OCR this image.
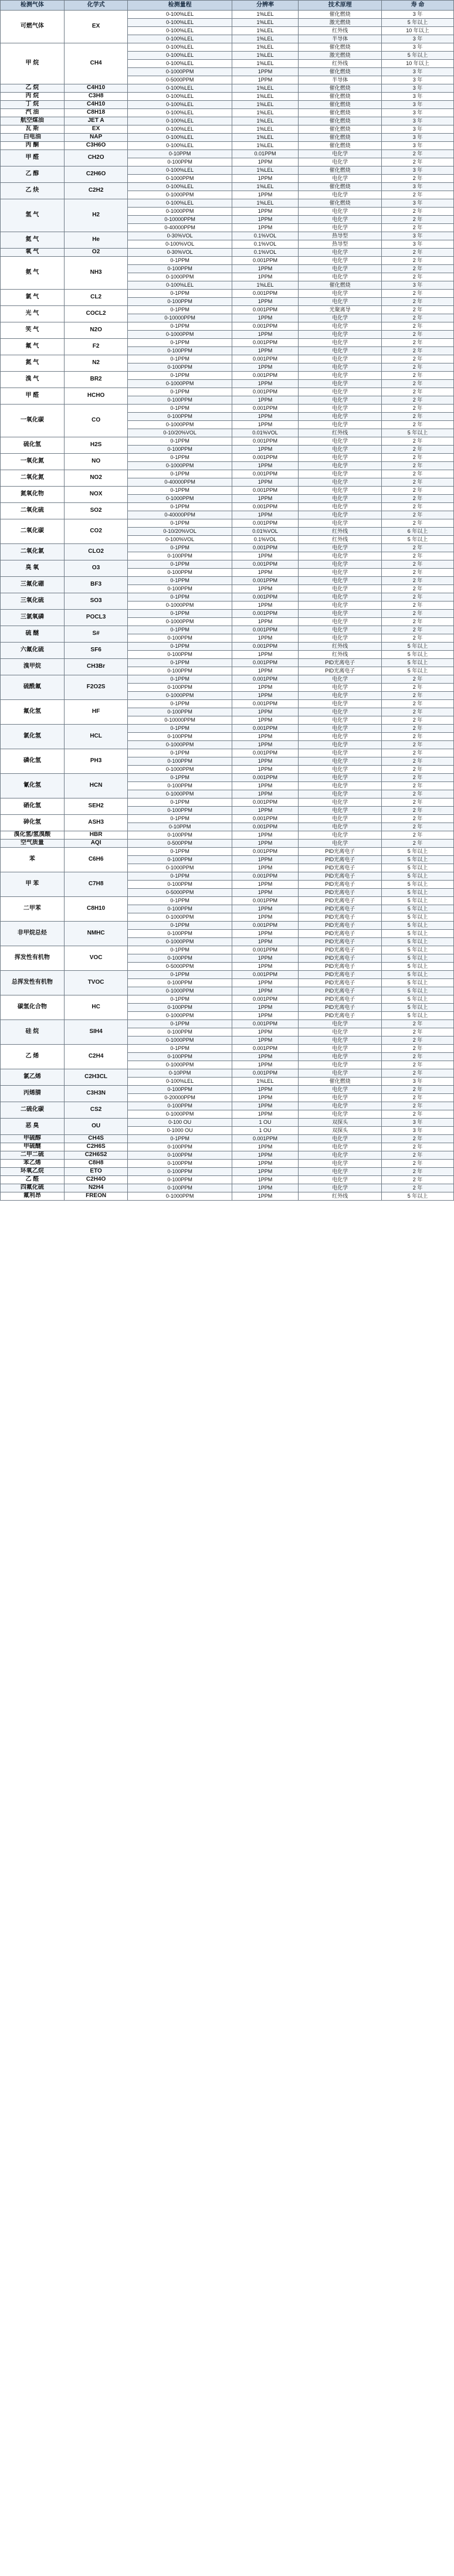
检测气体	化学式	检测量程	分辨率	技术原理	寿 命
可燃气体	EX	0-100%LEL	1%LEL	催化燃烧	3 年
		0-100%LEL	1%LEL	激光燃烧	5 年以上
		0-100%LEL	1%LEL	红外线	10 年以上
		0-100%LEL	1%LEL	半导体	3 年
甲 烷	CH4	0-100%LEL	1%LEL	催化燃烧	3 年
		0-100%LEL	1%LEL	激光燃烧	5 年以上
		0-100%LEL	1%LEL	红外线	10 年以上
		0-1000PPM	1PPM	催化燃烧	3 年
		0-5000PPM	1PPM	半导体	3 年
乙 烷	C4H10	0-100%LEL	1%LEL	催化燃烧	3 年
丙 烷	C3H8	0-100%LEL	1%LEL	催化燃烧	3 年
丁 烷	C4H10	0-100%LEL	1%LEL	催化燃烧	3 年
汽 油	C8H18	0-100%LEL	1%LEL	催化燃烧	3 年
航空煤油	JET A	0-100%LEL	1%LEL	催化燃烧	3 年
瓦 斯	EX	0-100%LEL	1%LEL	催化燃烧	3 年
白电油	NAP	0-100%LEL	1%LEL	催化燃烧	3 年
丙 酮	C3H6O	0-100%LEL	1%LEL	催化燃烧	3 年
甲 醛	CH2O	0-10PPM	0.01PPM	电化学	2 年
		0-100PPM	1PPM	电化学	2 年
乙 醇	C2H6O	0-100%LEL	1%LEL	催化燃烧	3 年
		0-1000PPM	1PPM	电化学	2 年
乙 炔	C2H2	0-100%LEL	1%LEL	催化燃烧	3 年
		0-1000PPM	1PPM	电化学	2 年
氢 气	H2	0-100%LEL	1%LEL	催化燃烧	3 年
		0-1000PPM	1PPM	电化学	2 年
		0-10000PPM	1PPM	电化学	2 年
		0-40000PPM	1PPM	电化学	2 年
氦 气	He	0-30%VOL	0.1%VOL	热导型	3 年
		0-100%VOL	0.1%VOL	热导型	3 年
氧 气	O2	0-30%VOL	0.1%VOL	电化学	2 年
氨 气	NH3	0-1PPM	0.001PPM	电化学	2 年
		0-100PPM	1PPM	电化学	2 年
		0-1000PPM	1PPM	电化学	2 年
		0-100%LEL	1%LEL	催化燃烧	3 年
氯 气	CL2	0-1PPM	0.001PPM	电化学	2 年
		0-100PPM	1PPM	电化学	2 年
光 气	COCL2	0-1PPM	0.001PPM	光聚离导	2 年
		0-10000PPM	1PPM	电化学	2 年
笑 气	N2O	0-1PPM	0.001PPM	电化学	2 年
		0-1000PPM	1PPM	电化学	2 年
氟 气	F2	0-1PPM	0.001PPM	电化学	2 年
		0-100PPM	1PPM	电化学	2 年
氮 气	N2	0-1PPM	0.001PPM	电化学	2 年
		0-100PPM	1PPM	电化学	2 年
溴 气	BR2	0-1PPM	0.001PPM	电化学	2 年
		0-1000PPM	1PPM	电化学	2 年
甲 醛	HCHO	0-1PPM	0.001PPM	电化学	2 年
		0-100PPM	1PPM	电化学	2 年
一氧化碳	CO	0-1PPM	0.001PPM	电化学	2 年
		0-100PPM	1PPM	电化学	2 年
		0-1000PPM	1PPM	电化学	2 年
		0-10/20%VOL	0.01%VOL	红外线	5 年以上
硫化氢	H2S	0-1PPM	0.001PPM	电化学	2 年
		0-100PPM	1PPM	电化学	2 年
一氧化氮	NO	0-1PPM	0.001PPM	电化学	2 年
		0-1000PPM	1PPM	电化学	2 年
二氧化氮	NO2	0-1PPM	0.001PPM	电化学	2 年
		0-40000PPM	1PPM	电化学	2 年
氮氧化物	NOX	0-1PPM	0.001PPM	电化学	2 年
		0-1000PPM	1PPM	电化学	2 年
二氧化硫	SO2	0-1PPM	0.001PPM	电化学	2 年
		0-40000PPM	1PPM	电化学	2 年
二氧化碳	CO2	0-1PPM	0.001PPM	电化学	2 年
		0-10/20%VOL	0.01%VOL	红外线	6 年以上
		0-100%VOL	0.1%VOL	红外线	5 年以上
二氧化氯	CLO2	0-1PPM	0.001PPM	电化学	2 年
		0-100PPM	1PPM	电化学	2 年
臭 氧	O3	0-1PPM	0.001PPM	电化学	2 年
		0-100PPM	1PPM	电化学	2 年
三氟化硼	BF3	0-1PPM	0.001PPM	电化学	2 年
		0-100PPM	1PPM	电化学	2 年
三氧化硫	SO3	0-1PPM	0.001PPM	电化学	2 年
		0-1000PPM	1PPM	电化学	2 年
三氯氧磷	POCL3	0-1PPM	0.001PPM	电化学	2 年
		0-1000PPM	1PPM	电化学	2 年
硫 醚	S#	0-1PPM	0.001PPM	电化学	2 年
		0-100PPM	1PPM	电化学	2 年
六氟化硫	SF6	0-1PPM	0.001PPM	红外线	5 年以上
		0-100PPM	1PPM	红外线	5 年以上
溴甲烷	CH3Br	0-1PPM	0.001PPM	PID光离电子	5 年以上
		0-100PPM	1PPM	PID光离电子	5 年以上
硫酰氟	F2O2S	0-1PPM	0.001PPM	电化学	2 年
		0-100PPM	1PPM	电化学	2 年
		0-1000PPM	1PPM	电化学	2 年
氟化氢	HF	0-1PPM	0.001PPM	电化学	2 年
		0-100PPM	1PPM	电化学	2 年
		0-10000PPM	1PPM	电化学	2 年
氯化氢	HCL	0-1PPM	0.001PPM	电化学	2 年
		0-100PPM	1PPM	电化学	2 年
		0-1000PPM	1PPM	电化学	2 年
磷化氢	PH3	0-1PPM	0.001PPM	电化学	2 年
		0-100PPM	1PPM	电化学	2 年
		0-1000PPM	1PPM	电化学	2 年
氰化氢	HCN	0-1PPM	0.001PPM	电化学	2 年
		0-100PPM	1PPM	电化学	2 年
		0-1000PPM	1PPM	电化学	2 年
硒化氢	SEH2	0-1PPM	0.001PPM	电化学	2 年
		0-100PPM	1PPM	电化学	2 年
砷化氢	ASH3	0-1PPM	0.001PPM	电化学	2 年
		0-10PPM	0.001PPM	电化学	2 年
溴化氢/氢溴酸	HBR	0-100PPM	1PPM	电化学	2 年
空气质量	AQI	0-500PPM	1PPM	电化学	2 年
苯	C6H6	0-1PPM	0.001PPM	PID光离电子	5 年以上
		0-100PPM	1PPM	PID光离电子	5 年以上
		0-1000PPM	1PPM	PID光离电子	5 年以上
甲 苯	C7H8	0-1PPM	0.001PPM	PID光离电子	5 年以上
		0-100PPM	1PPM	PID光离电子	5 年以上
		0-5000PPM	1PPM	PID光离电子	5 年以上
二甲苯	C8H10	0-1PPM	0.001PPM	PID光离电子	5 年以上
		0-100PPM	1PPM	PID光离电子	5 年以上
		0-1000PPM	1PPM	PID光离电子	5 年以上
非甲烷总烃	NMHC	0-1PPM	0.001PPM	PID光离电子	5 年以上
		0-100PPM	1PPM	PID光离电子	5 年以上
		0-1000PPM	1PPM	PID光离电子	5 年以上
挥发性有机物	VOC	0-1PPM	0.001PPM	PID光离电子	5 年以上
		0-100PPM	1PPM	PID光离电子	5 年以上
		0-5000PPM	1PPM	PID光离电子	5 年以上
总挥发性有机物	TVOC	0-1PPM	0.001PPM	PID光离电子	5 年以上
		0-100PPM	1PPM	PID光离电子	5 年以上
		0-1000PPM	1PPM	PID光离电子	5 年以上
碳氢化合物	HC	0-1PPM	0.001PPM	PID光离电子	5 年以上
		0-100PPM	1PPM	PID光离电子	5 年以上
		0-1000PPM	1PPM	PID光离电子	5 年以上
硅 烷	SIH4	0-1PPM	0.001PPM	电化学	2 年
		0-100PPM	1PPM	电化学	2 年
		0-1000PPM	1PPM	电化学	2 年
乙 烯	C2H4	0-1PPM	0.001PPM	电化学	2 年
		0-100PPM	1PPM	电化学	2 年
		0-1000PPM	1PPM	电化学	2 年
氯乙烯	C2H3CL	0-10PPM	0.001PPM	电化学	2 年
		0-100%LEL	1%LEL	催化燃烧	3 年
丙烯腈	C3H3N	0-100PPM	1PPM	电化学	2 年
		0-20000PPM	1PPM	电化学	2 年
二硫化碳	CS2	0-100PPM	1PPM	电化学	2 年
		0-1000PPM	1PPM	电化学	2 年
恶 臭	OU	0-100 OU	1 OU	双探头	3 年
		0-1000 OU	1 OU	双探头	3 年
甲硫醇	CH4S	0-1PPM	0.001PPM	电化学	2 年
甲硫醚	C2H6S	0-100PPM	1PPM	电化学	2 年
二甲二硫	C2H6S2	0-100PPM	1PPM	电化学	2 年
苯乙烯	C8H8	0-100PPM	1PPM	电化学	2 年
环氧乙烷	ETO	0-100PPM	1PPM	电化学	2 年
乙 醛	C2H4O	0-100PPM	1PPM	电化学	2 年
四氟化硫	N2H4	0-100PPM	1PPM	电化学	2 年
氟利昂	FREON	0-1000PPM	1PPM	红外线	5 年以上
